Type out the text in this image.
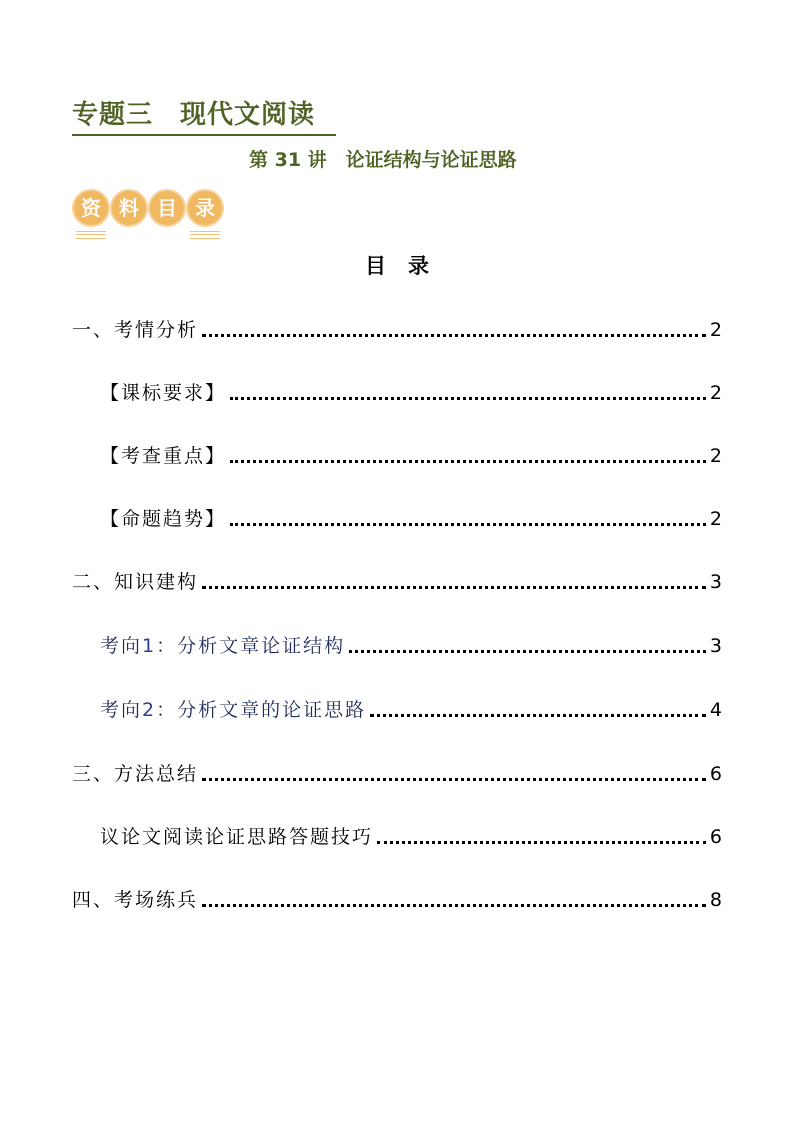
专题三　现代文阅读
第 31 讲　论证结构与论证思路
资 料 目 录
目录
一、考情分析	2
【课标要求】	2
【考查重点】	2
【命题趋势】	2
二、知识建构	3
考向1：分析文章论证结构	3
考向2：分析文章的论证思路	4
三、方法总结	6
议论文阅读论证思路答题技巧	6
四、考场练兵	8
